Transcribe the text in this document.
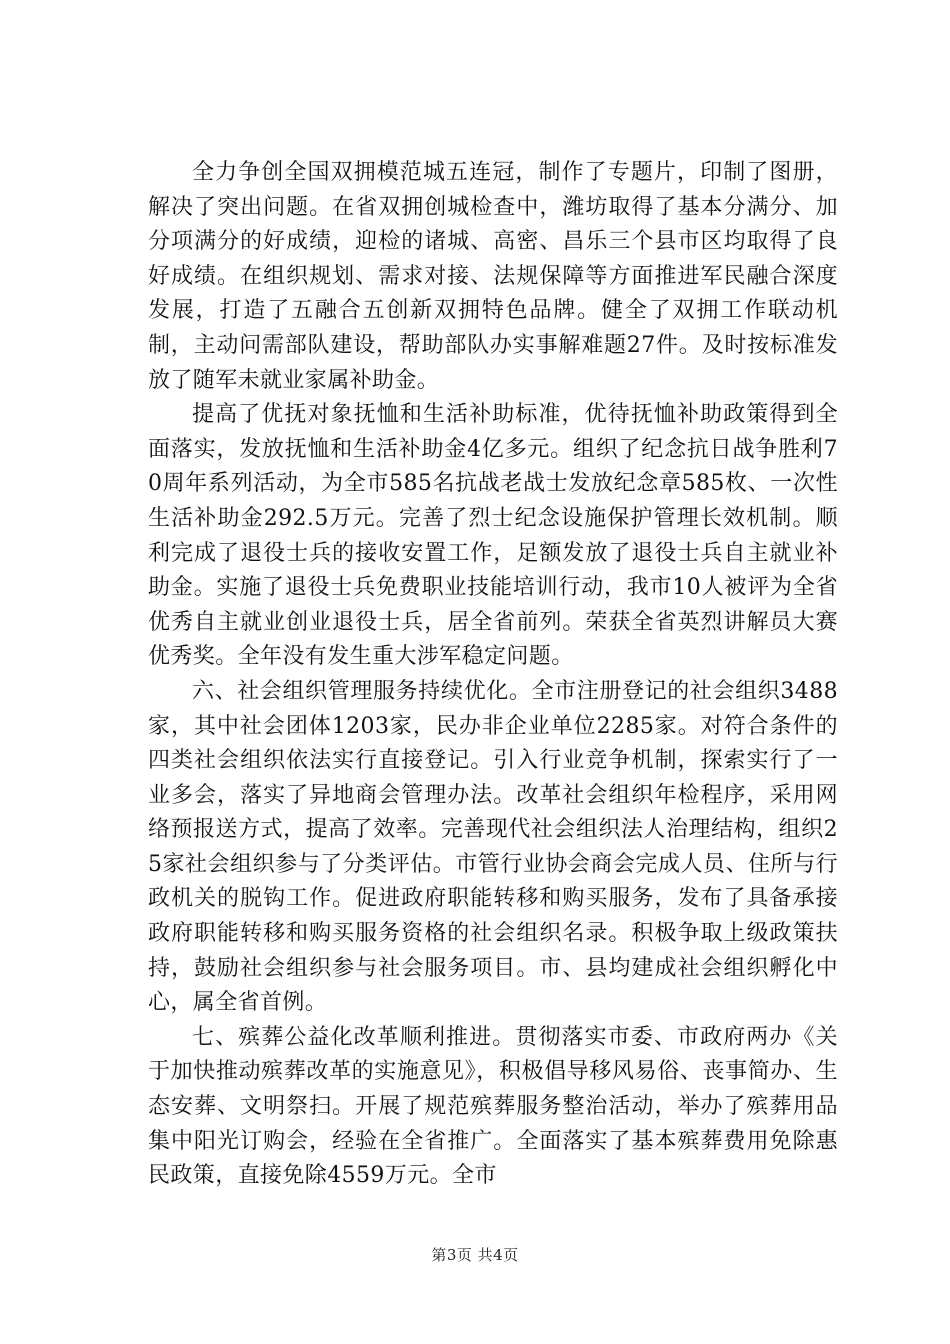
全力争创全国双拥模范城五连冠，制作了专题片，印制了图册，解决了突出问题。在省双拥创城检查中，潍坊取得了基本分满分、加分项满分的好成绩，迎检的诸城、高密、昌乐三个县市区均取得了良好成绩。在组织规划、需求对接、法规保障等方面推进军民融合深度发展，打造了五融合五创新双拥特色品牌。健全了双拥工作联动机制，主动问需部队建设，帮助部队办实事解难题27件。及时按标准发放了随军未就业家属补助金。

提高了优抚对象抚恤和生活补助标准，优待抚恤补助政策得到全面落实，发放抚恤和生活补助金4亿多元。组织了纪念抗日战争胜利70周年系列活动，为全市585名抗战老战士发放纪念章585枚、一次性生活补助金292.5万元。完善了烈士纪念设施保护管理长效机制。顺利完成了退役士兵的接收安置工作，足额发放了退役士兵自主就业补助金。实施了退役士兵免费职业技能培训行动，我市10人被评为全省优秀自主就业创业退役士兵，居全省前列。荣获全省英烈讲解员大赛优秀奖。全年没有发生重大涉军稳定问题。

六、社会组织管理服务持续优化。全市注册登记的社会组织3488家，其中社会团体1203家，民办非企业单位2285家。对符合条件的四类社会组织依法实行直接登记。引入行业竞争机制，探索实行了一业多会，落实了异地商会管理办法。改革社会组织年检程序，采用网络预报送方式，提高了效率。完善现代社会组织法人治理结构，组织25家社会组织参与了分类评估。市管行业协会商会完成人员、住所与行政机关的脱钩工作。促进政府职能转移和购买服务，发布了具备承接政府职能转移和购买服务资格的社会组织名录。积极争取上级政策扶持，鼓励社会组织参与社会服务项目。市、县均建成社会组织孵化中心，属全省首例。

七、殡葬公益化改革顺利推进。贯彻落实市委、市政府两办《关于加快推动殡葬改革的实施意见》，积极倡导移风易俗、丧事简办、生态安葬、文明祭扫。开展了规范殡葬服务整治活动，举办了殡葬用品集中阳光订购会，经验在全省推广。全面落实了基本殡葬费用免除惠民政策，直接免除4559万元。全市

第3页 共4页
